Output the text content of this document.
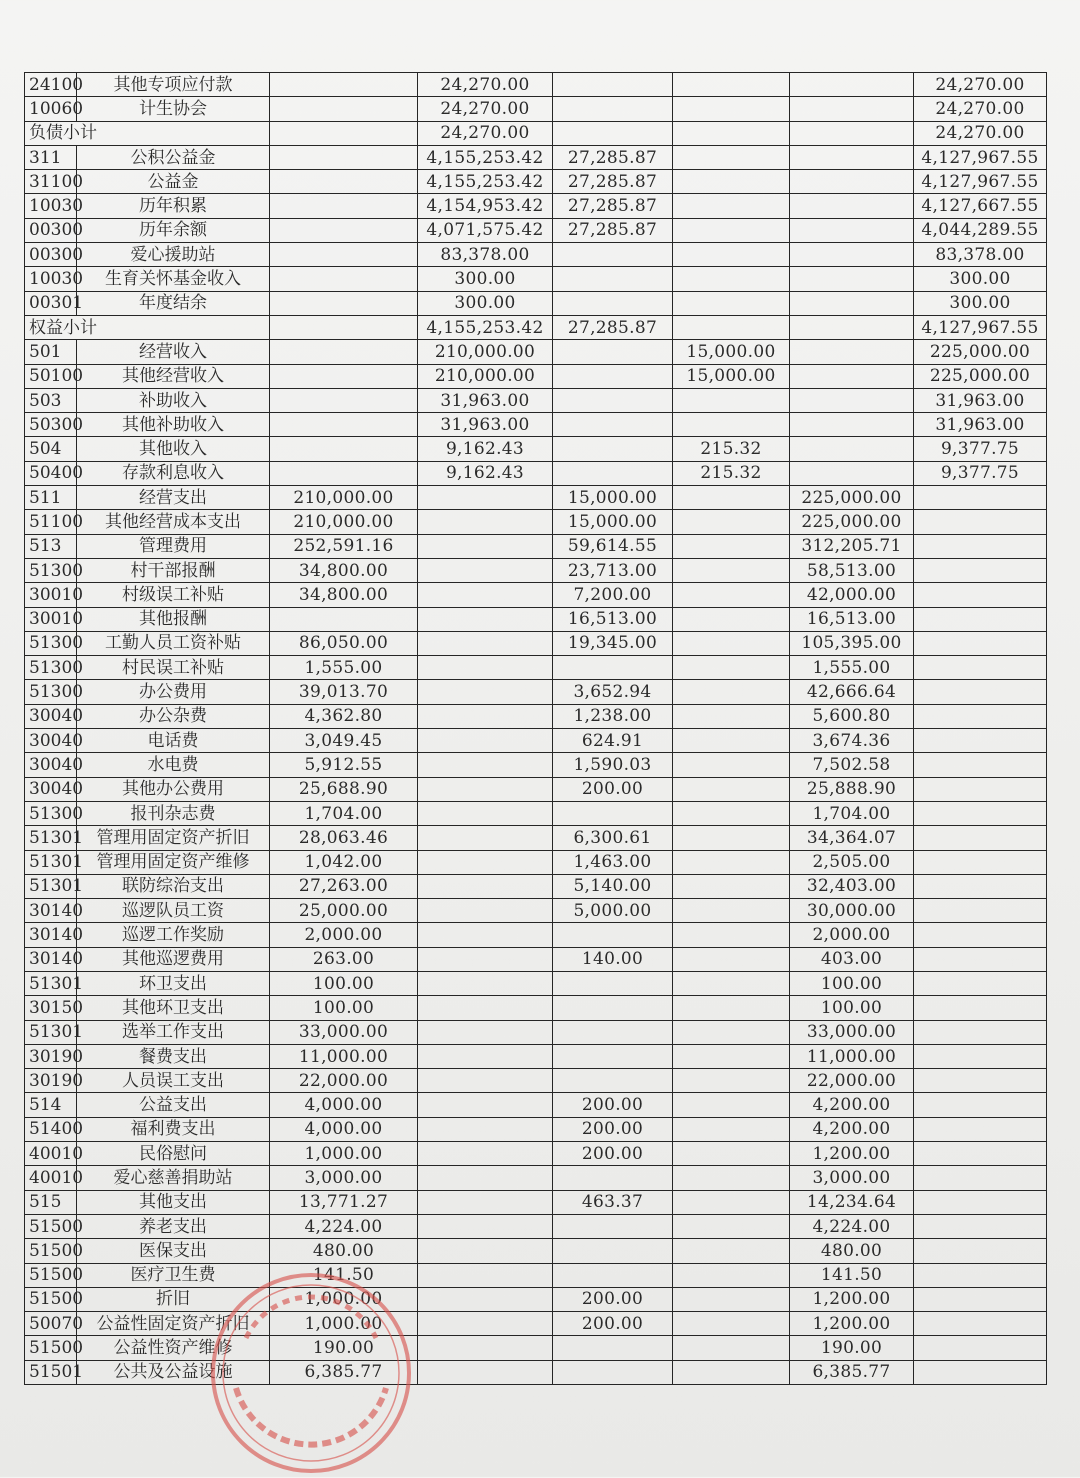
24100	其他专项应付款		24,270.00				24,270.00
10060	计生协会		24,270.00				24,270.00
负债小计			24,270.00				24,270.00
311	公积公益金		4,155,253.42	27,285.87			4,127,967.55
31100	公益金		4,155,253.42	27,285.87			4,127,967.55
10030	历年积累		4,154,953.42	27,285.87			4,127,667.55
00300	历年余额		4,071,575.42	27,285.87			4,044,289.55
00300	爱心援助站		83,378.00				83,378.00
10030	生育关怀基金收入		300.00				300.00
00301	年度结余		300.00				300.00
权益小计			4,155,253.42	27,285.87			4,127,967.55
501	经营收入		210,000.00		15,000.00		225,000.00
50100	其他经营收入		210,000.00		15,000.00		225,000.00
503	补助收入		31,963.00				31,963.00
50300	其他补助收入		31,963.00				31,963.00
504	其他收入		9,162.43		215.32		9,377.75
50400	存款利息收入		9,162.43		215.32		9,377.75
511	经营支出	210,000.00		15,000.00		225,000.00	
51100	其他经营成本支出	210,000.00		15,000.00		225,000.00	
513	管理费用	252,591.16		59,614.55		312,205.71	
51300	村干部报酬	34,800.00		23,713.00		58,513.00	
30010	村级误工补贴	34,800.00		7,200.00		42,000.00	
30010	其他报酬			16,513.00		16,513.00	
51300	工勤人员工资补贴	86,050.00		19,345.00		105,395.00	
51300	村民误工补贴	1,555.00				1,555.00	
51300	办公费用	39,013.70		3,652.94		42,666.64	
30040	办公杂费	4,362.80		1,238.00		5,600.80	
30040	电话费	3,049.45		624.91		3,674.36	
30040	水电费	5,912.55		1,590.03		7,502.58	
30040	其他办公费用	25,688.90		200.00		25,888.90	
51300	报刊杂志费	1,704.00				1,704.00	
51301	管理用固定资产折旧	28,063.46		6,300.61		34,364.07	
51301	管理用固定资产维修	1,042.00		1,463.00		2,505.00	
51301	联防综治支出	27,263.00		5,140.00		32,403.00	
30140	巡逻队员工资	25,000.00		5,000.00		30,000.00	
30140	巡逻工作奖励	2,000.00				2,000.00	
30140	其他巡逻费用	263.00		140.00		403.00	
51301	环卫支出	100.00				100.00	
30150	其他环卫支出	100.00				100.00	
51301	选举工作支出	33,000.00				33,000.00	
30190	餐费支出	11,000.00				11,000.00	
30190	人员误工支出	22,000.00				22,000.00	
514	公益支出	4,000.00		200.00		4,200.00	
51400	福利费支出	4,000.00		200.00		4,200.00	
40010	民俗慰问	1,000.00		200.00		1,200.00	
40010	爱心慈善捐助站	3,000.00				3,000.00	
515	其他支出	13,771.27		463.37		14,234.64	
51500	养老支出	4,224.00				4,224.00	
51500	医保支出	480.00				480.00	
51500	医疗卫生费	141.50				141.50	
51500	折旧	1,000.00		200.00		1,200.00	
50070	公益性固定资产折旧	1,000.00		200.00		1,200.00	
51500	公益性资产维修	190.00				190.00	
51501	公共及公益设施	6,385.77				6,385.77	
